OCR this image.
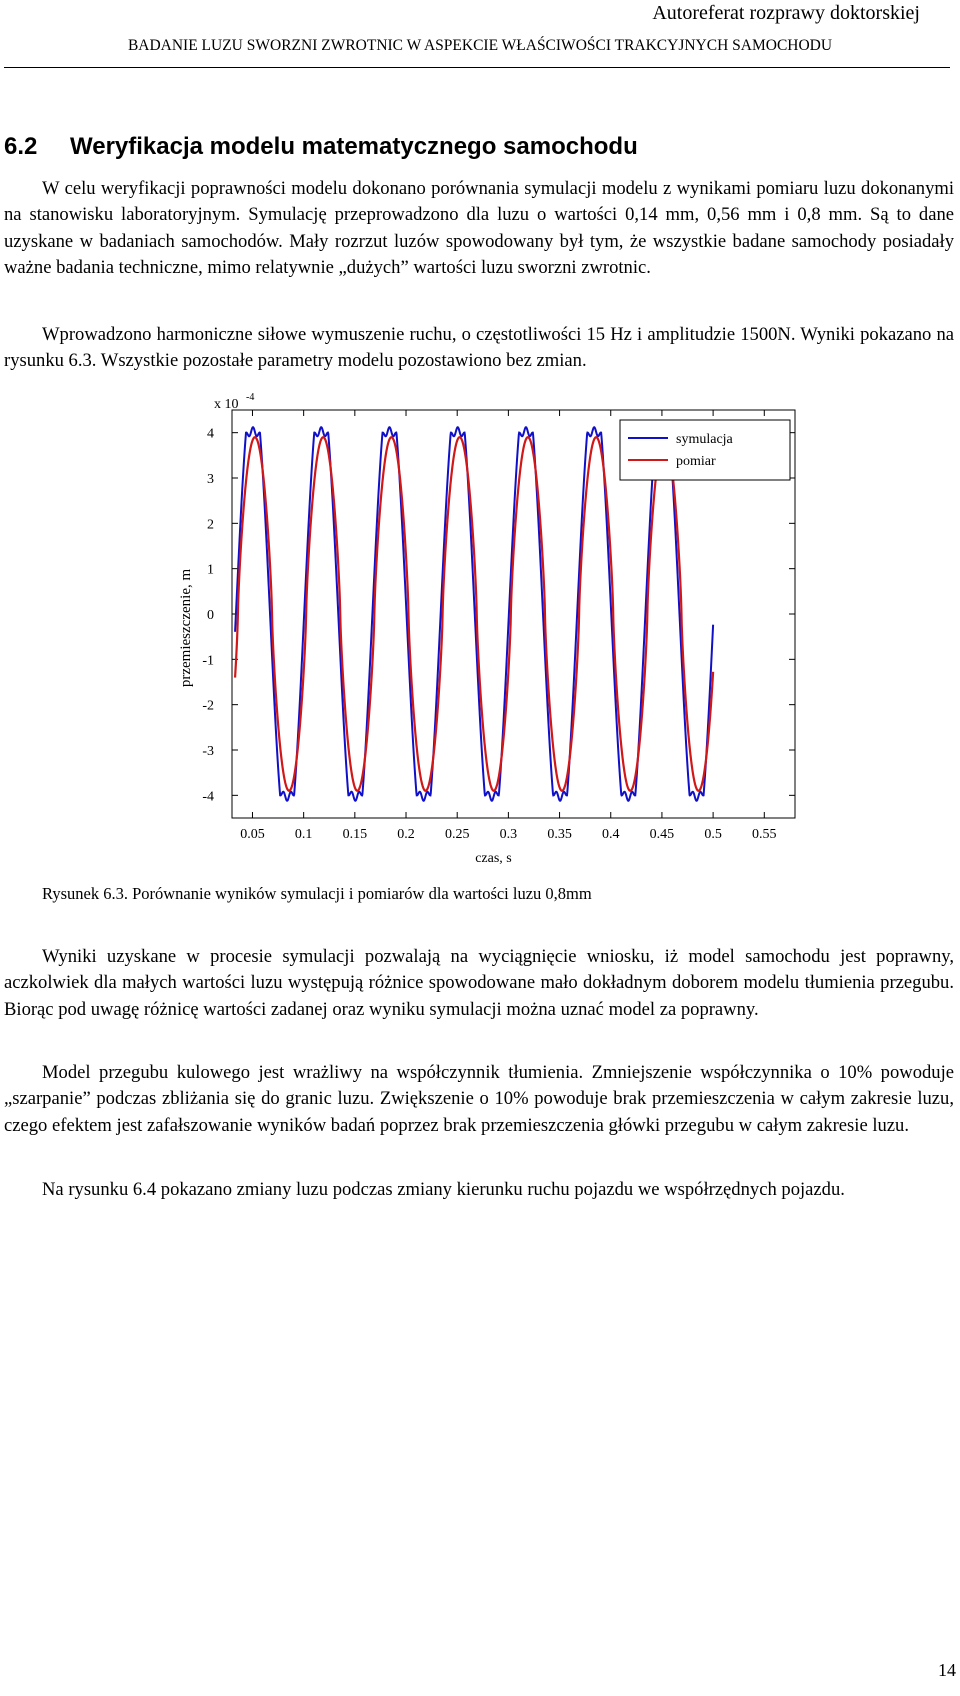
Autoreferat rozprawy doktorskiej
BADANIE LUZU SWORZNI ZWROTNIC W ASPEKCIE WŁAŚCIWOŚCI TRAKCYJNYCH SAMOCHODU
6.2 Weryfikacja modelu matematycznego samochodu
W celu weryfikacji poprawności modelu dokonano porównania symulacji modelu z wynikami pomiaru luzu dokonanymi na stanowisku laboratoryjnym. Symulację przeprowadzono dla luzu o wartości 0,14 mm, 0,56 mm i 0,8 mm. Są to dane uzyskane w badaniach samochodów. Mały rozrzut luzów spowodowany był tym, że wszystkie badane samochody posiadały ważne badania techniczne, mimo relatywnie „dużych” wartości luzu sworzni zwrotnic.
Wprowadzono harmoniczne siłowe wymuszenie ruchu, o częstotliwości 15 Hz i amplitudzie 1500N. Wyniki pokazano na rysunku 6.3. Wszystkie pozostałe parametry modelu pozostawiono bez zmian.
4
3
2
1
0
-1
-2
-3
-4
0.05 0.1 0.15 0.2 0.25 0.3 0.35 0.4 0.45 0.5 0.55
czas, s
przemieszczenie, m
x 10 -4
symulacja
pomiar
Rysunek 6.3. Porównanie wyników symulacji i pomiarów dla wartości luzu 0,8mm
Wyniki uzyskane w procesie symulacji pozwalają na wyciągnięcie wniosku, iż model samochodu jest poprawny, aczkolwiek dla małych wartości luzu występują różnice spowodowane mało dokładnym doborem modelu tłumienia przegubu. Biorąc pod uwagę różnicę wartości zadanej oraz wyniku symulacji można uznać model za poprawny.
Model przegubu kulowego jest wrażliwy na współczynnik tłumienia. Zmniejszenie współczynnika o 10% powoduje „szarpanie” podczas zbliżania się do granic luzu. Zwiększenie o 10% powoduje brak przemieszczenia w całym zakresie luzu, czego efektem jest zafałszowanie wyników badań poprzez brak przemieszczenia główki przegubu w całym zakresie luzu.
Na rysunku 6.4 pokazano zmiany luzu podczas zmiany kierunku ruchu pojazdu we współrzędnych pojazdu.
14
